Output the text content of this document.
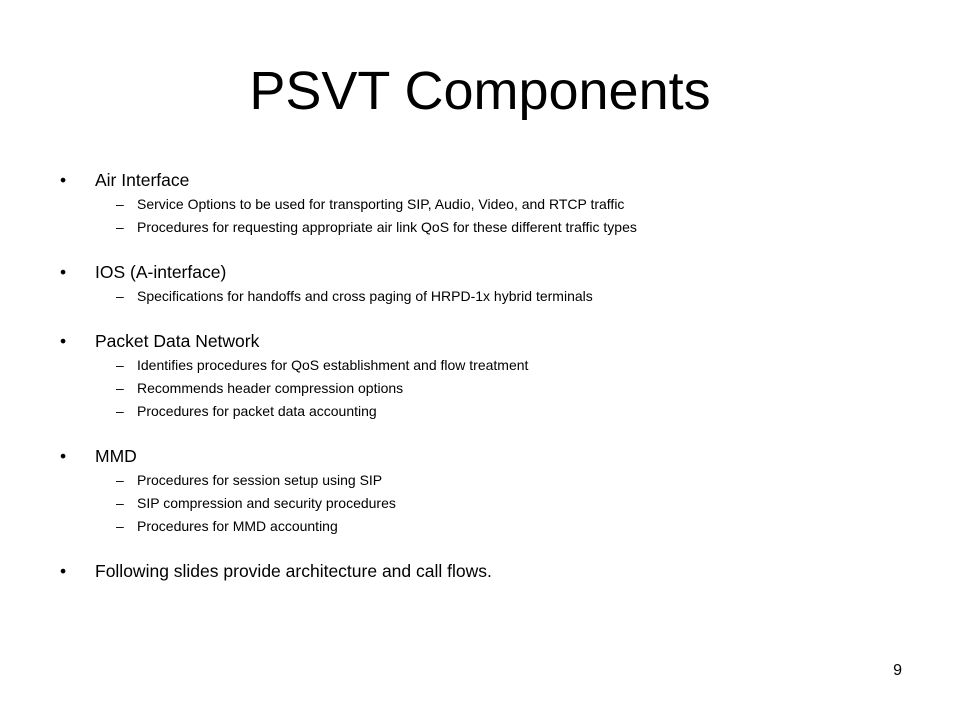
PSVT Components
• Air Interface
– Service Options to be used for transporting SIP, Audio, Video, and RTCP traffic
– Procedures for requesting appropriate air link QoS for these different traffic types
• IOS (A-interface)
– Specifications for handoffs and cross paging of HRPD-1x hybrid terminals
• Packet Data Network
– Identifies procedures for QoS establishment and flow treatment
– Recommends header compression options
– Procedures for packet data accounting
• MMD
– Procedures for session setup using SIP
– SIP compression and security procedures
– Procedures for MMD accounting
• Following slides provide architecture and call flows.
9
